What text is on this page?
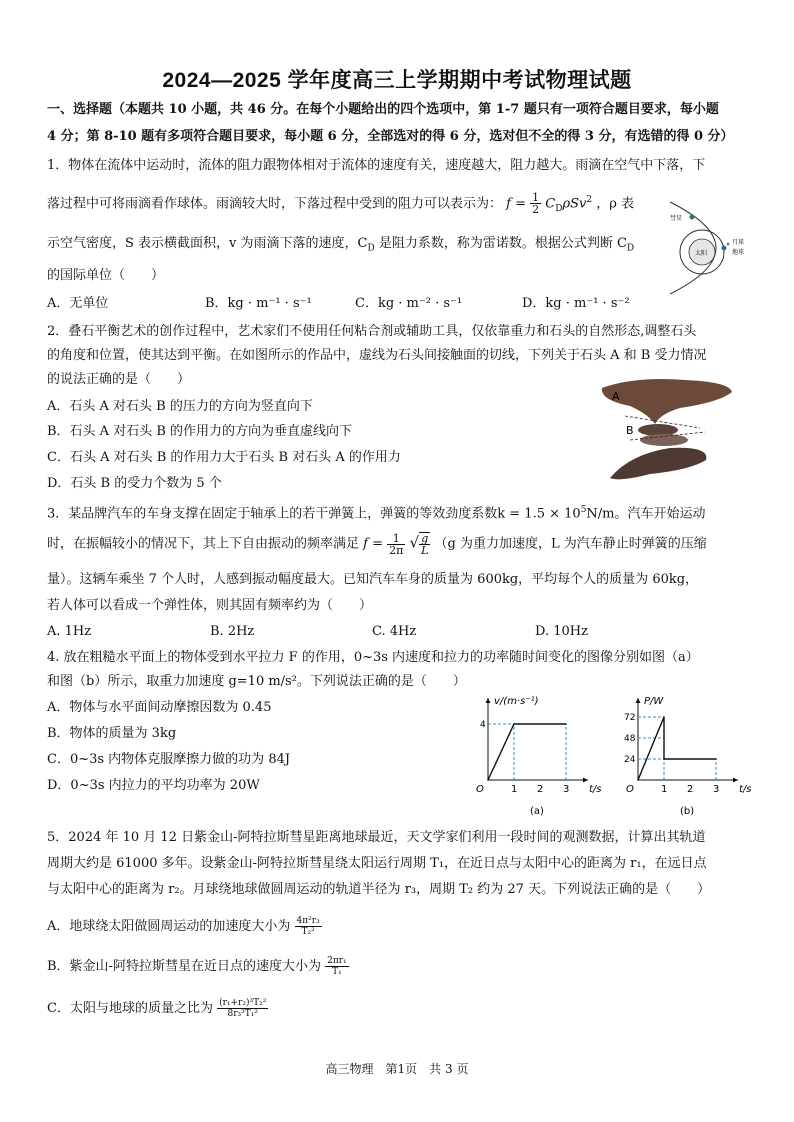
2024—2025 学年度高三上学期期中考试物理试题
一、选择题（本题共 10 小题，共 46 分。在每个小题给出的四个选项中，第 1-7 题只有一项符合题目要求，每小题
4 分；第 8-10 题有多项符合题目要求，每小题 6 分，全部选对的得 6 分，选对但不全的得 3 分，有选错的得 0 分）
1．物体在流体中运动时，流体的阻力跟物体相对于流体的速度有关，速度越大，阻力越大。雨滴在空气中下落，下
落过程中可将雨滴看作球体。雨滴较大时，下落过程中受到的阻力可以表示为： $f = \frac{1}{2} C_D\rho Sv^2$ ，ρ 表
示空气密度，S 表示横截面积，v 为雨滴下落的速度，$C_D$ 是阻力系数，称为雷诺数。根据公式判断 $C_D$
的国际单位（　　）
A．无单位	B．kg · m⁻¹ · s⁻¹	C．kg · m⁻² · s⁻¹	D．kg · m⁻¹ · s⁻²
彗星
月球
地球
太阳
2．叠石平衡艺术的创作过程中，艺术家们不使用任何粘合剂或辅助工具，仅依靠重力和石头的自然形态,调整石头
的角度和位置，使其达到平衡。在如图所示的作品中，虚线为石头间接触面的切线，下列关于石头 A 和 B 受力情况
的说法正确的是（　　）
A．石头 A 对石头 B 的压力的方向为竖直向下
B．石头 A 对石头 B 的作用力的方向为垂直虚线向下
C．石头 A 对石头 B 的作用力大于石头 B 对石头 A 的作用力
D．石头 B 的受力个数为 5 个
A
B
3．某品牌汽车的车身支撑在固定于轴承上的若干弹簧上，弹簧的等效劲度系数$k = 1.5 \times 10^5N/m$。汽车开始运动
时，在振幅较小的情况下，其上下自由振动的频率满足 $f = \frac{1}{2\pi}$ √ $\frac{g}{L} (g$ 为重力加速度，L 为汽车静止时弹簧的压缩
量）。这辆车乘坐 7 个人时，人感到振动幅度最大。已知汽车车身的质量为 600kg，平均每个人的质量为 60kg，
若人体可以看成一个弹性体，则其固有频率约为（　　）
A. 1Hz	B. 2Hz	C. 4Hz	D. 10Hz
4. 放在粗糙水平面上的物体受到水平拉力 F 的作用，0~3s 内速度和拉力的功率随时间变化的图像分别如图（a）
和图（b）所示，取重力加速度 g=10 m/s²。下列说法正确的是（　　）
A．物体与水平面间动摩擦因数为 0.45
B．物体的质量为 3kg
C．0~3s 内物体克服摩擦力做的功为 84J
D．0~3s 内拉力的平均功率为 20W
v/(m·s⁻¹)
t/s
O	1 2 3
4
(a)
P/W
t/s
O	1 2 3
24
48
72
(b)
5．2024 年 10 月 12 日紫金山-阿特拉斯彗星距离地球最近，天文学家们利用一段时间的观测数据，计算出其轨道
周期大约是 61000 多年。设紫金山-阿特拉斯彗星绕太阳运行周期 T₁，在近日点与太阳中心的距离为 r₁，在远日点
与太阳中心的距离为 r₂。月球绕地球做圆周运动的轨道半径为 r₃，周期 T₂ 约为 27 天。下列说法正确的是（　　）
A．地球绕太阳做圆周运动的加速度大小为 $\frac{\text{4π²r₃}}{\text{T₂²}}$
B．紫金山-阿特拉斯彗星在近日点的速度大小为 $\frac{\text{2πr₁}}{\text{T₁}}$
C．太阳与地球的质量之比为 $\frac{\text{(r₁+r₂)³T₂²}}{\text{8r₃³T₁²}}$
高三物理　第1页　共 3 页
